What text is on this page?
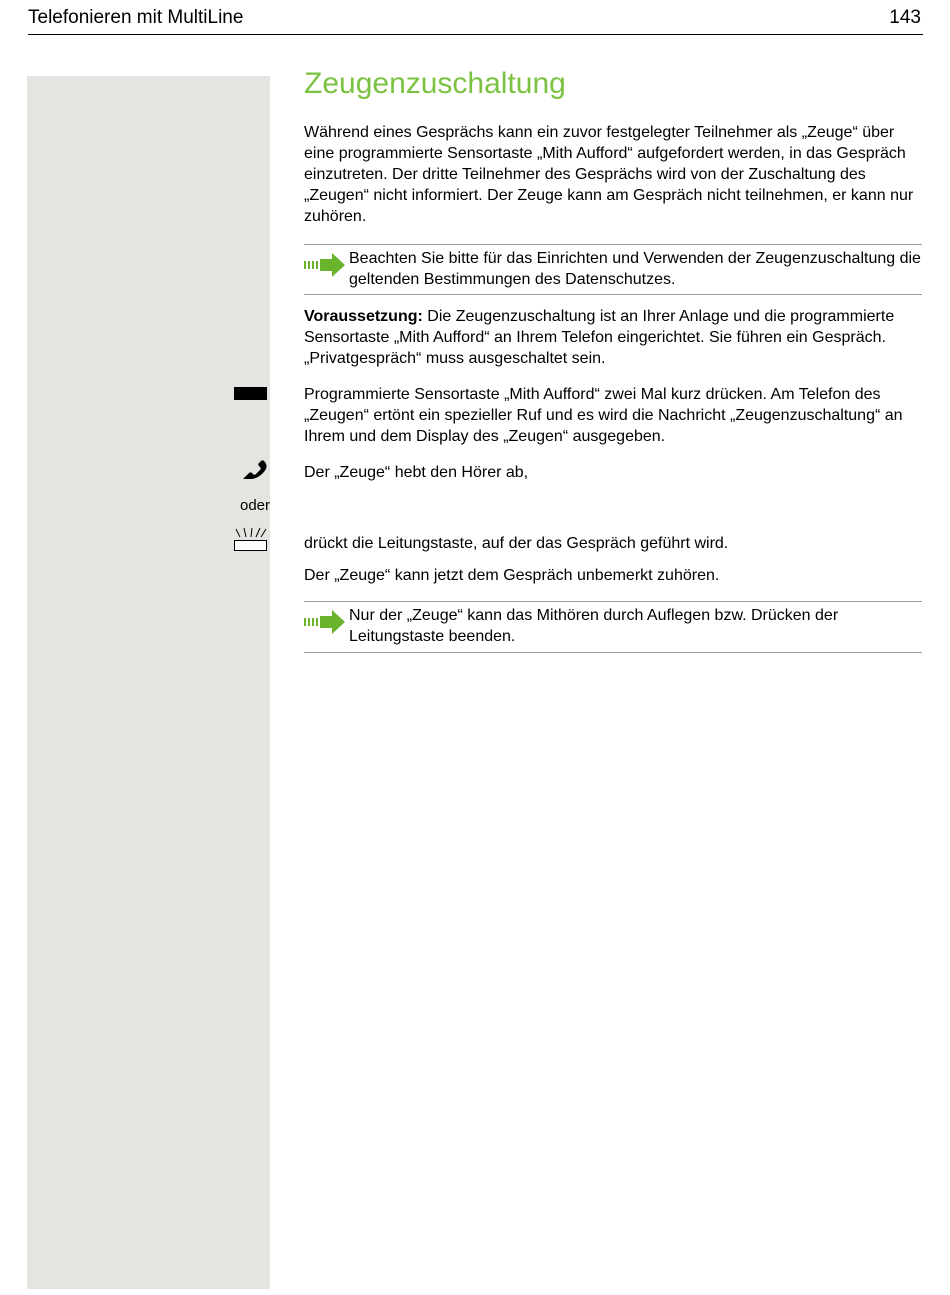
Telefonieren mit MultiLine	143
Zeugenzuschaltung

Während eines Gesprächs kann ein zuvor festgelegter Teilnehmer als „Zeuge“ über eine programmierte Sensortaste „Mith Aufford“ aufgefordert werden, in das Gespräch einzutreten. Der dritte Teilnehmer des Gesprächs wird von der Zuschaltung des „Zeugen“ nicht informiert. Der Zeuge kann am Gespräch nicht teilnehmen, er kann nur zuhören.

Beachten Sie bitte für das Einrichten und Verwenden der Zeugenzuschaltung die geltenden Bestimmungen des Datenschutzes.

Voraussetzung: Die Zeugenzuschaltung ist an Ihrer Anlage und die programmierte Sensortaste „Mith Aufford“ an Ihrem Telefon eingerichtet. Sie führen ein Gespräch. „Privatgespräch“ muss ausgeschaltet sein.

Programmierte Sensortaste „Mith Aufford“ zwei Mal kurz drücken. Am Telefon des „Zeugen“ ertönt ein spezieller Ruf und es wird die Nachricht „Zeugenzuschaltung“ an Ihrem und dem Display des „Zeugen“ ausgegeben.

Der „Zeuge“ hebt den Hörer ab,

oder

drückt die Leitungstaste, auf der das Gespräch geführt wird.

Der „Zeuge“ kann jetzt dem Gespräch unbemerkt zuhören.

Nur der „Zeuge“ kann das Mithören durch Auflegen bzw. Drücken der Leitungstaste beenden.
